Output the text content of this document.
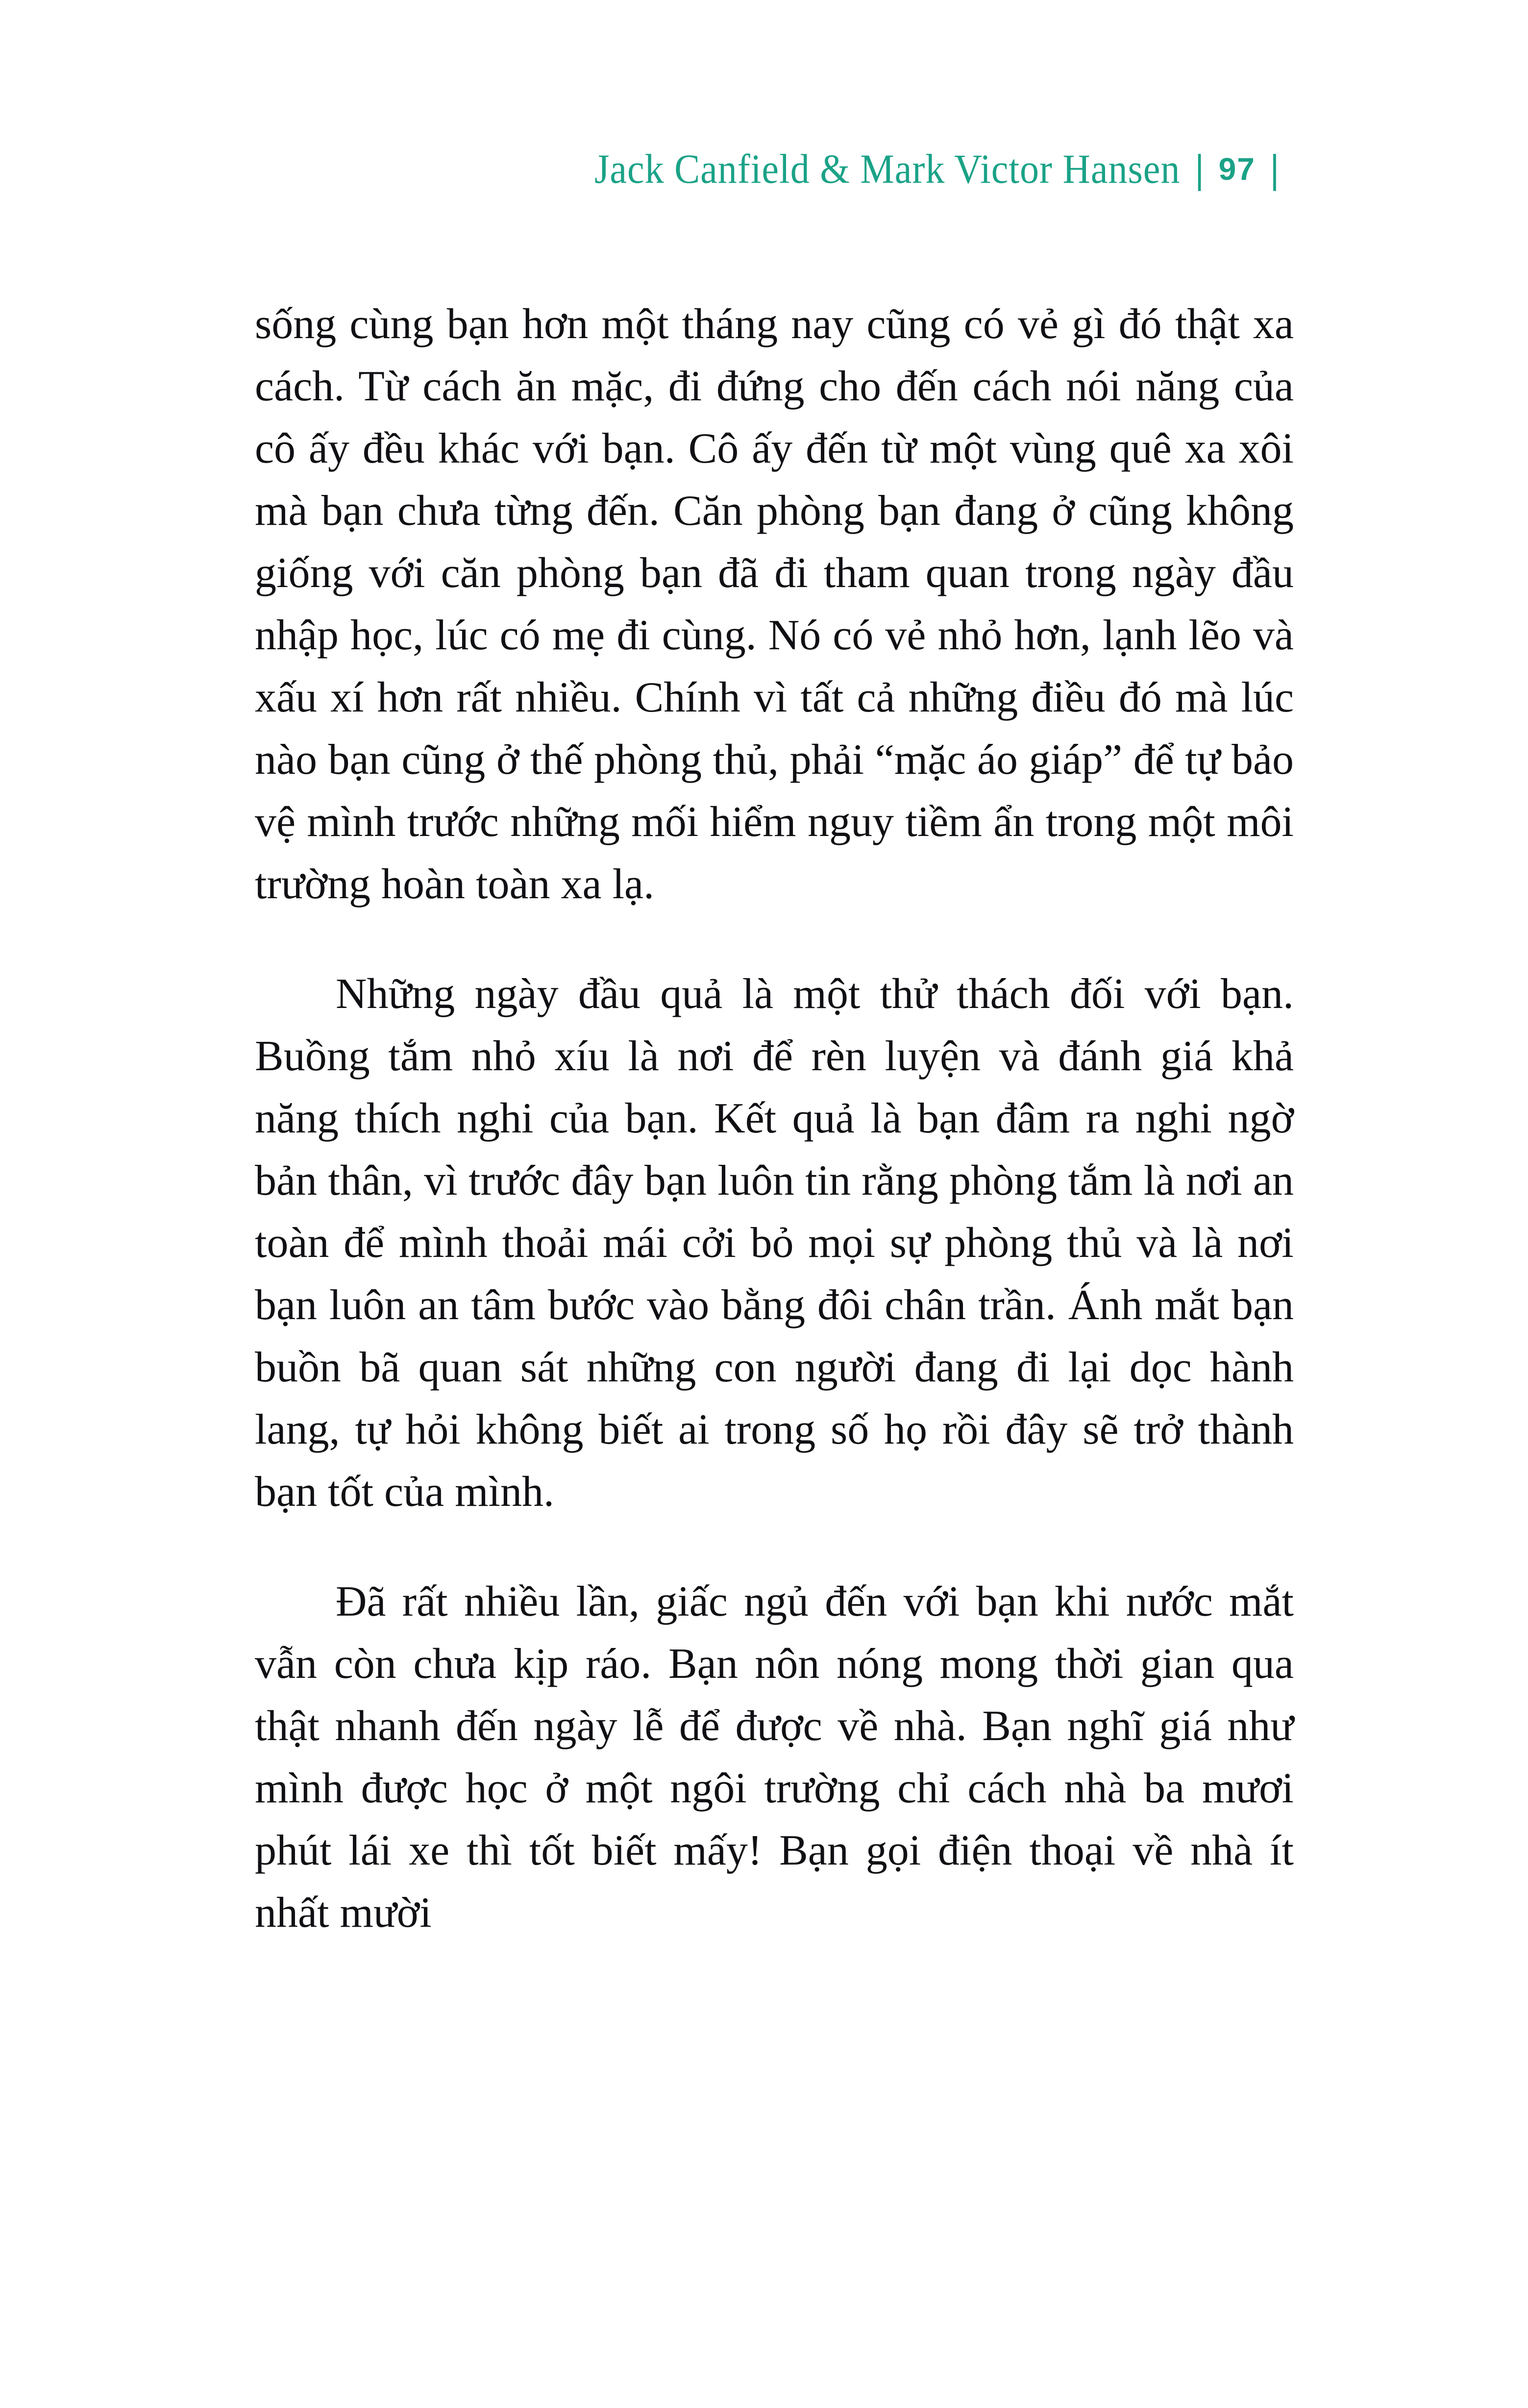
Jack Canfield & Mark Victor Hansen | 97 |

sống cùng bạn hơn một tháng nay cũng có vẻ gì đó thật xa cách. Từ cách ăn mặc, đi đứng cho đến cách nói năng của cô ấy đều khác với bạn. Cô ấy đến từ một vùng quê xa xôi mà bạn chưa từng đến. Căn phòng bạn đang ở cũng không giống với căn phòng bạn đã đi tham quan trong ngày đầu nhập học, lúc có mẹ đi cùng. Nó có vẻ nhỏ hơn, lạnh lẽo và xấu xí hơn rất nhiều. Chính vì tất cả những điều đó mà lúc nào bạn cũng ở thế phòng thủ, phải “mặc áo giáp” để tự bảo vệ mình trước những mối hiểm nguy tiềm ẩn trong một môi trường hoàn toàn xa lạ.

Những ngày đầu quả là một thử thách đối với bạn. Buồng tắm nhỏ xíu là nơi để rèn luyện và đánh giá khả năng thích nghi của bạn. Kết quả là bạn đâm ra nghi ngờ bản thân, vì trước đây bạn luôn tin rằng phòng tắm là nơi an toàn để mình thoải mái cởi bỏ mọi sự phòng thủ và là nơi bạn luôn an tâm bước vào bằng đôi chân trần. Ánh mắt bạn buồn bã quan sát những con người đang đi lại dọc hành lang, tự hỏi không biết ai trong số họ rồi đây sẽ trở thành bạn tốt của mình.

Đã rất nhiều lần, giấc ngủ đến với bạn khi nước mắt vẫn còn chưa kịp ráo. Bạn nôn nóng mong thời gian qua thật nhanh đến ngày lễ để được về nhà. Bạn nghĩ giá như mình được học ở một ngôi trường chỉ cách nhà ba mươi phút lái xe thì tốt biết mấy! Bạn gọi điện thoại về nhà ít nhất mười
